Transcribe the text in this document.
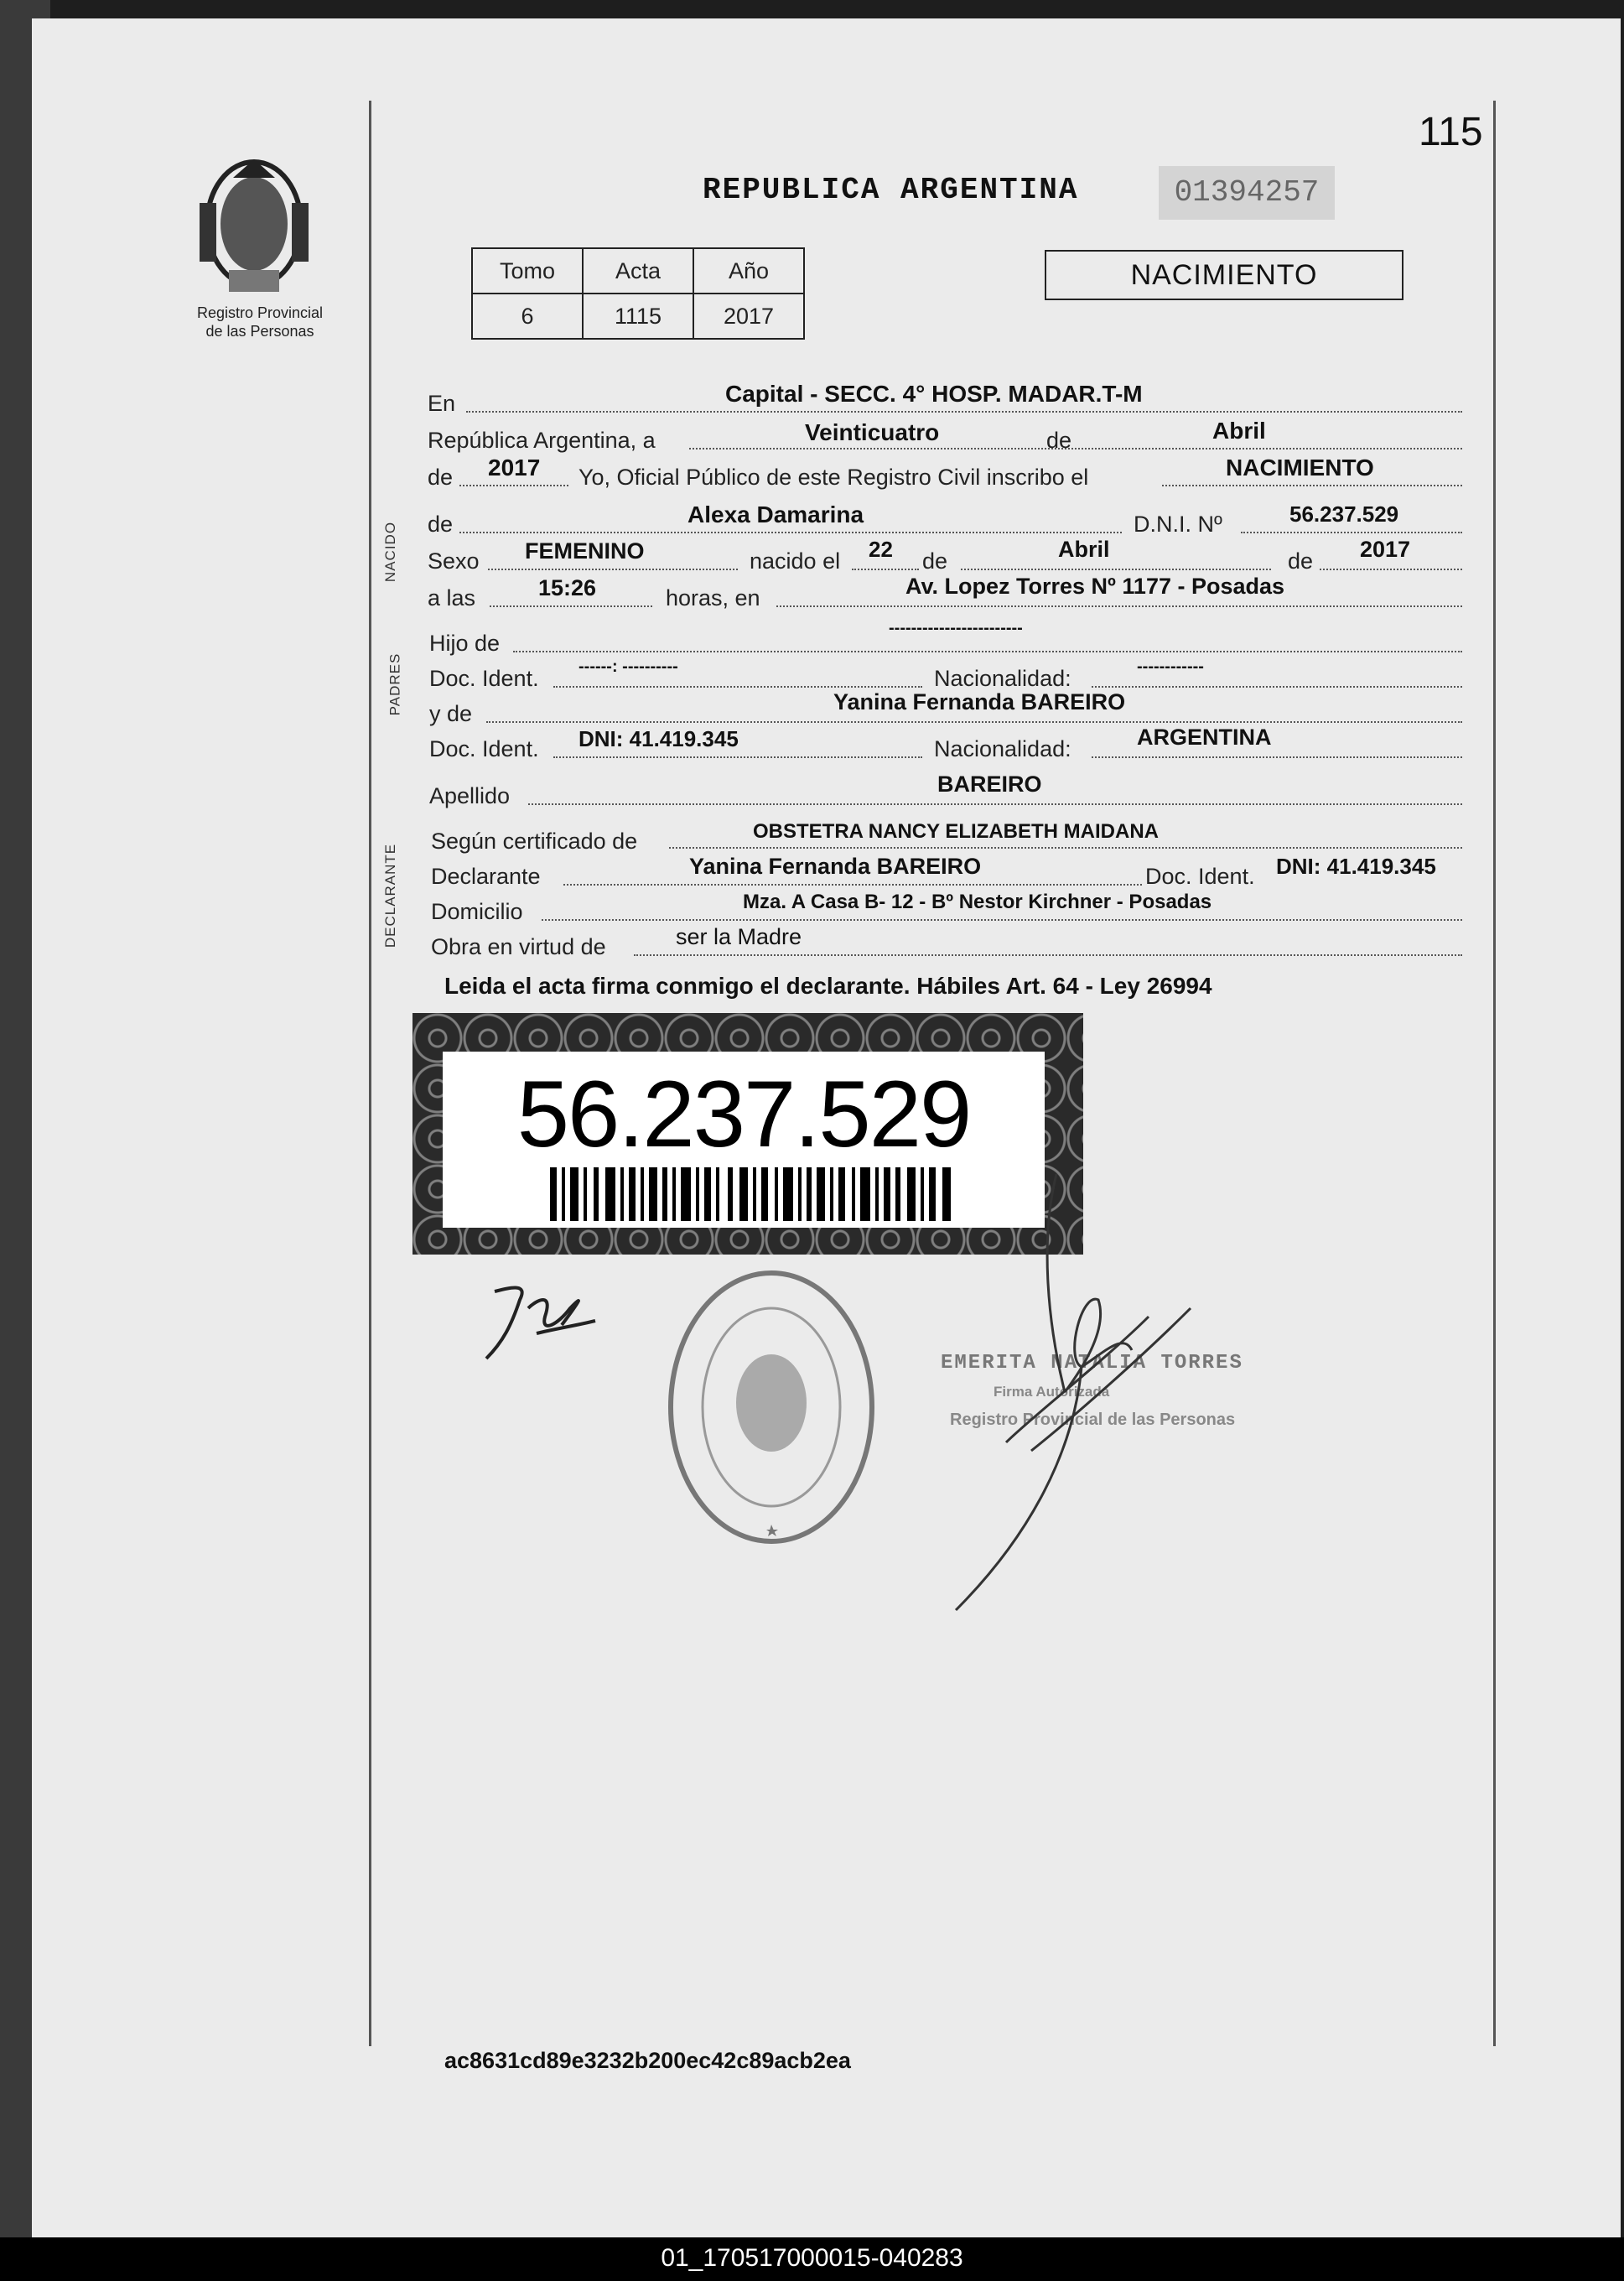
115
Registro Provincial
de las Personas
REPUBLICA ARGENTINA	01394257
Tomo	Acta	Año
6	1115	2017
NACIMIENTO
En	Capital - SECC. 4° HOSP. MADAR.T-M
República Argentina, a	Veinticuatro	de	Abril
de 2017 Yo, Oficial Público de este Registro Civil inscribo el	NACIMIENTO
NACIDO de	Alexa Damarina	D.N.I. Nº	56.237.529
Sexo FEMENINO	nacido el 22 de	Abril	de 2017
a las	15:26	horas, en	Av. Lopez Torres Nº 1177 - Posadas
PADRES
Hijo de
------------------------
Doc. Ident. ------: ----------	Nacionalidad:	------------
y de	Yanina Fernanda BAREIRO
Doc. Ident. DNI: 41.419.345	Nacionalidad:	ARGENTINA
Apellido	BAREIRO
DECLARANTE
Según certificado de	OBSTETRA NANCY ELIZABETH MAIDANA
Declarante	Yanina Fernanda BAREIRO	Doc. Ident. DNI: 41.419.345
Domicilio	Mza. A Casa B- 12 - Bº Nestor Kirchner - Posadas
Obra en virtud de	ser la Madre
Leida el acta firma conmigo el declarante. Hábiles Art. 64 - Ley 26994
56.237.529
EMERITA NATALIA TORRES
Firma Autorizada
Registro Provincial de las Personas
ac8631cd89e3232b200ec42c89acb2ea
01_170517000015-040283
